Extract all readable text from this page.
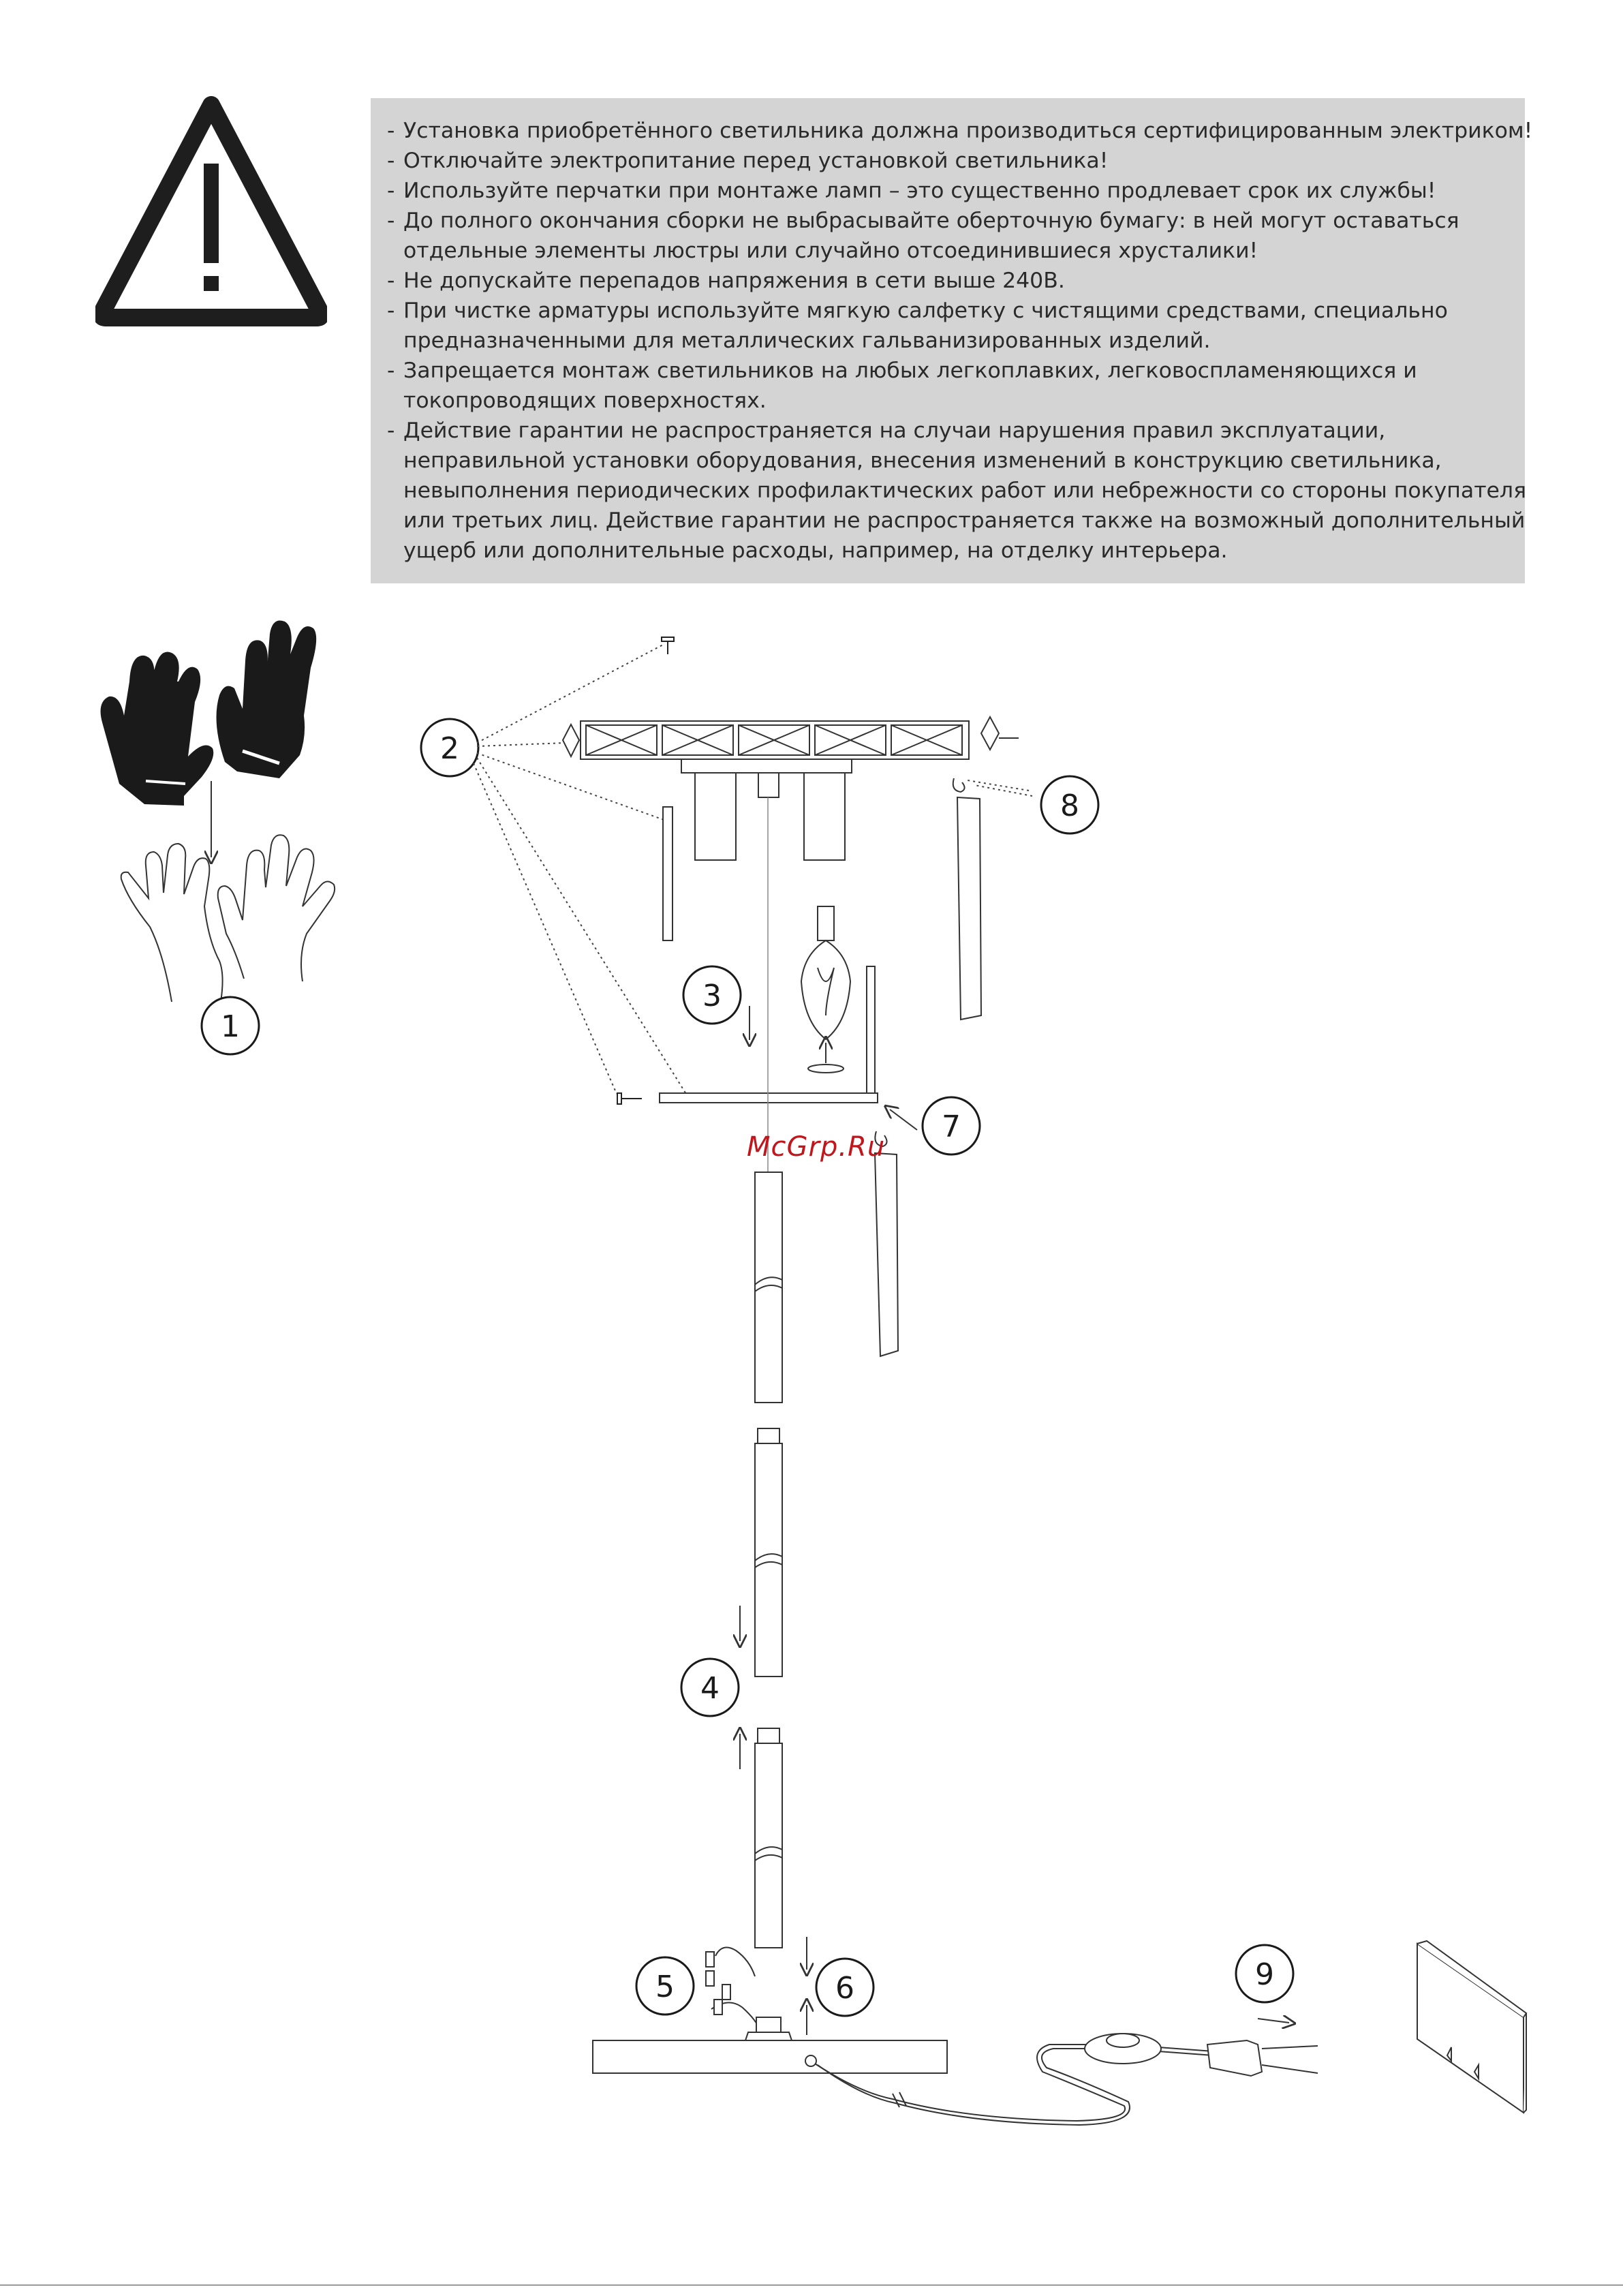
- Установка приобретённого светильника должна производиться сертифицированным электриком!
- Отключайте электропитание перед установкой светильника!
- Используйте перчатки при монтаже ламп – это существенно продлевает срок их службы!
- До полного окончания сборки не выбрасывайте оберточную бумагу: в ней могут оставаться
отдельные элементы люстры или случайно отсоединившиеся хрусталики!
- Не допускайте перепадов напряжения в сети выше 240В.
- При чистке арматуры используйте мягкую салфетку с чистящими средствами, специально
предназначенными для металлических гальванизированных изделий.
- Запрещается монтаж светильников на любых легкоплавких, легковоспламеняющихся и
токопроводящих поверхностях.
- Действие гарантии не распространяется на случаи нарушения правил эксплуатации,
неправильной установки оборудования, внесения изменений в конструкцию светильника,
невыполнения периодических профилактических работ или небрежности со стороны покупателя
или третьих лиц. Действие гарантии не распространяется также на возможный дополнительный
ущерб или дополнительные расходы, например, на отделку интерьера.
1
2
3
4
5	6
7
8
9
McGrp.Ru
